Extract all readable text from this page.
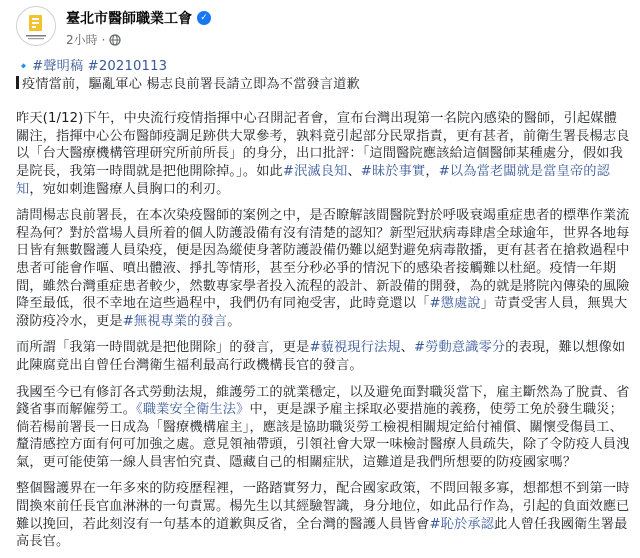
臺北市醫師職業工會 ✓
2小時 ·
🔹#聲明稿 #20210113
疫情當前，驅亂軍心 楊志良前署長請立即為不當發言道歉

昨天(1/12)下午，中央流行疫情指揮中心召開記者會，宣布台灣出現第一名院內感染的醫師，引起媒體關注，指揮中心公布醫師疫調足跡供大眾參考，孰料竟引起部分民眾指責，更有甚者，前衛生署長楊志良以「台大醫療機構管理研究所前所長」的身分，出口批評：「這間醫院應該給這個醫師某種處分，假如我是院長，我第一時間就是把他開除掉。」。如此#泯滅良知、#昧於事實，#以為當老闆就是當皇帝的認知，宛如刺進醫療人員胸口的利刃。

請問楊志良前署長，在本次染疫醫師的案例之中，是否瞭解該間醫院對於呼吸衰竭重症患者的標準作業流程為何？對於當場人員所着的個人防護設備有沒有清楚的認知？新型冠狀病毒肆虐全球逾年，世界各地每日皆有無數醫護人員染疫，便是因為縱使身著防護設備仍難以絕對避免病毒散播，更有甚者在搶救過程中患者可能會作嘔、噴出體液、掙扎等情形，甚至分秒必爭的情況下的感染者接觸難以杜絕。疫情一年期間，雖然台灣重症患者較少，然數專家學者投入流程的設計、新設備的開發，為的就是將院內傳染的風險降至最低，很不幸地在這些過程中，我們仍有同袍受害，此時竟還以「#懲處說」苛責受害人員，無異大潑防疫冷水，更是#無視專業的發言。

而所謂「我第一時間就是把他開除」的發言，更是#藐視現行法規、#勞動意識零分的表現，難以想像如此陳腐竟出自曾任台灣衛生福利最高行政機構長官的發言。

我國至今已有修訂各式勞動法規，維護勞工的就業穩定，以及避免面對職災當下，雇主斷然為了脫責、省錢省事而解僱勞工。《職業安全衛生法》中，更是課予雇主採取必要措施的義務，使勞工免於發生職災；倘若楊前署長一日成為「醫療機構雇主」，應該是協助職災勞工檢視相關規定給付補償、關懷受傷員工、釐清感控方面有何可加強之處。意見領袖帶頭，引領社會大眾一味檢討醫療人員疏失，除了令防疫人員洩氣，更可能使第一線人員害怕究責、隱藏自己的相關症狀，這難道是我們所想要的防疫國家嗎？

整個醫護界在一年多來的防疫歷程裡，一路踏實努力，配合國家政策，不問回報多寡，想都想不到第一時間換來前任長官血淋淋的一句責罵。楊先生以其經驗智識，身分地位，如此品行作為，引起的負面效應已難以挽回，若此刻沒有一句基本的道歉與反省，全台灣的醫護人員皆會#恥於承認此人曾任我國衛生署最高長官。
